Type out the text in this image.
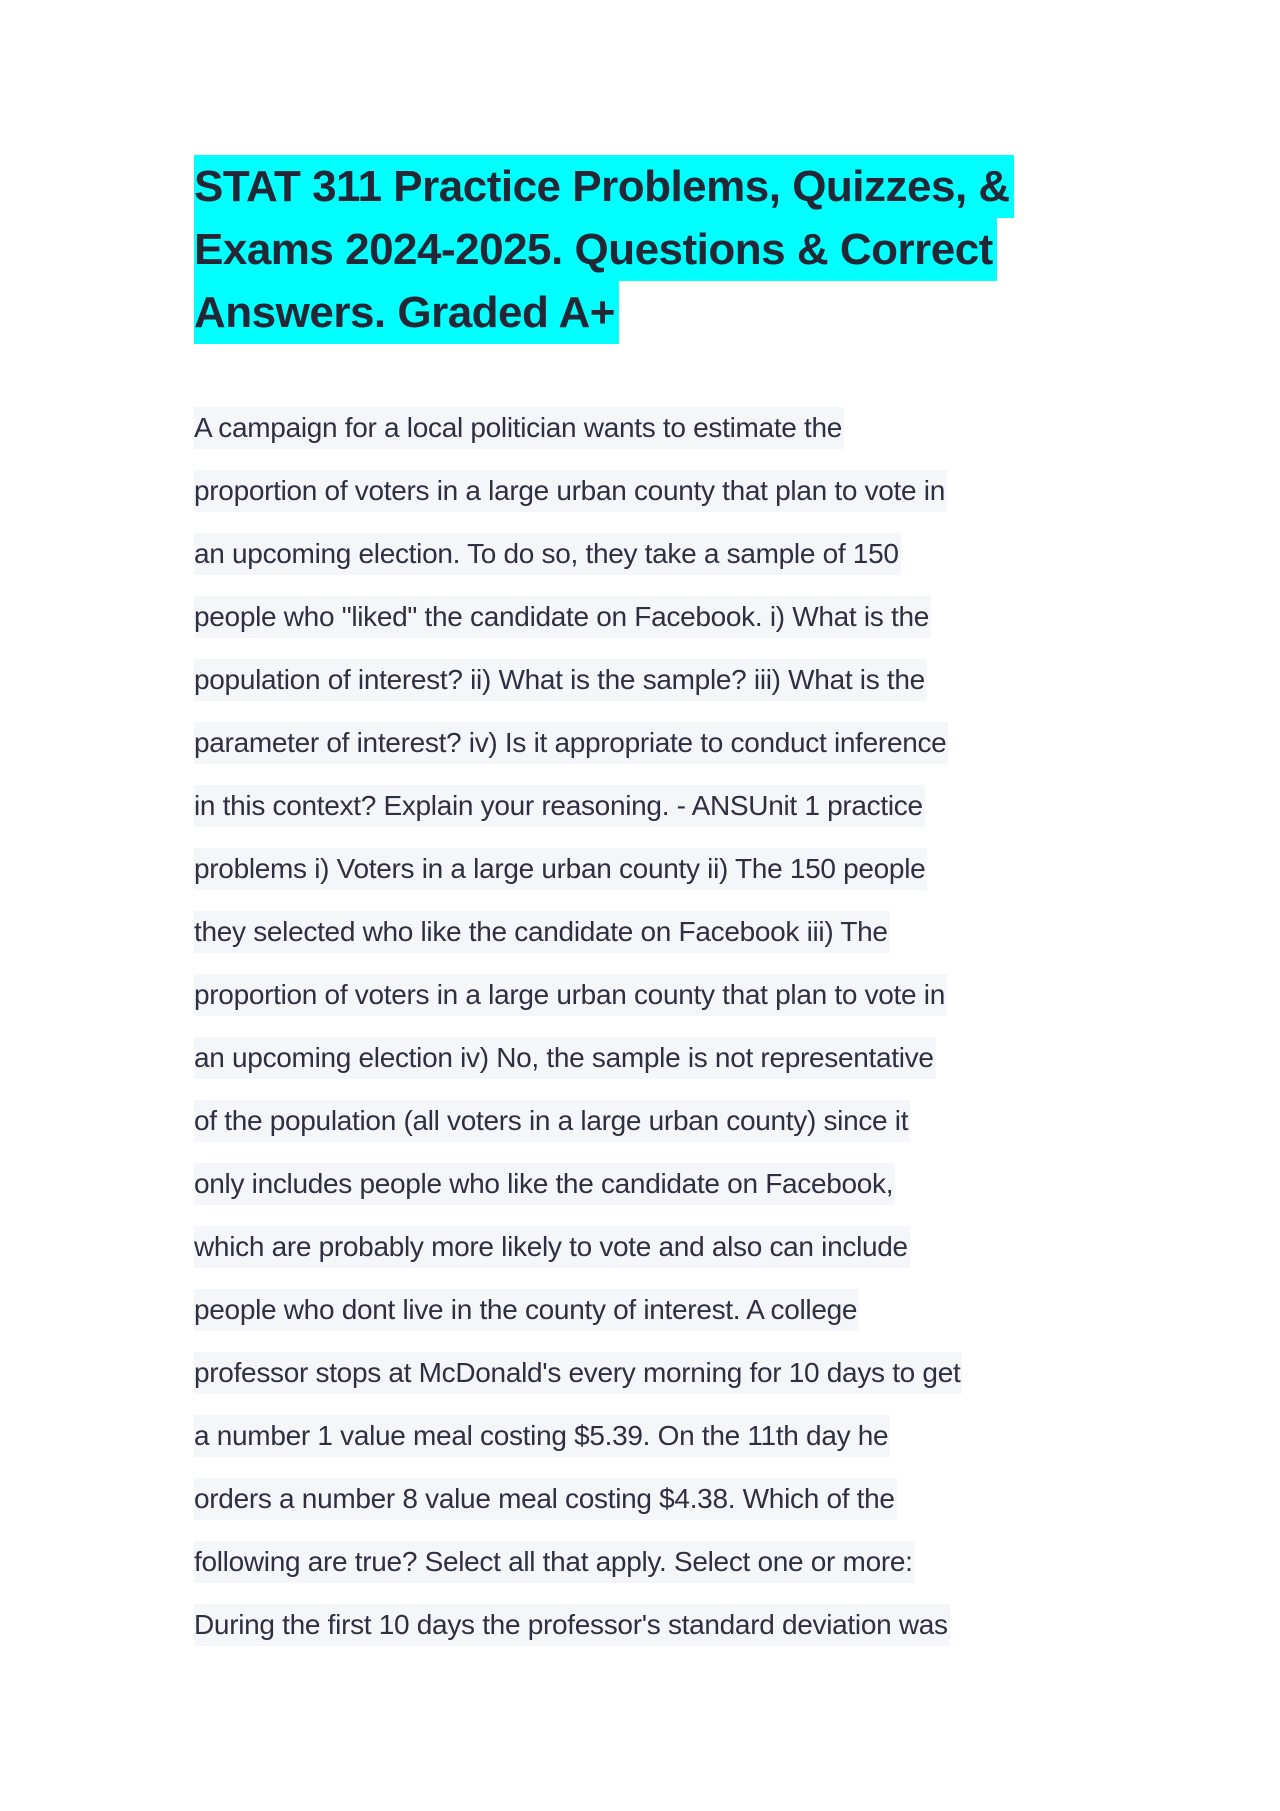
STAT 311 Practice Problems, Quizzes, &
Exams 2024-2025. Questions & Correct
Answers. Graded A+
A campaign for a local politician wants to estimate the
proportion of voters in a large urban county that plan to vote in
an upcoming election. To do so, they take a sample of 150
people who "liked" the candidate on Facebook. i) What is the
population of interest? ii) What is the sample? iii) What is the
parameter of interest? iv) Is it appropriate to conduct inference
in this context? Explain your reasoning. - ANSUnit 1 practice
problems i) Voters in a large urban county ii) The 150 people
they selected who like the candidate on Facebook iii) The
proportion of voters in a large urban county that plan to vote in
an upcoming election iv) No, the sample is not representative
of the population (all voters in a large urban county) since it
only includes people who like the candidate on Facebook,
which are probably more likely to vote and also can include
people who dont live in the county of interest. A college
professor stops at McDonald's every morning for 10 days to get
a number 1 value meal costing $5.39. On the 11th day he
orders a number 8 value meal costing $4.38. Which of the
following are true? Select all that apply. Select one or more:
During the first 10 days the professor's standard deviation was
